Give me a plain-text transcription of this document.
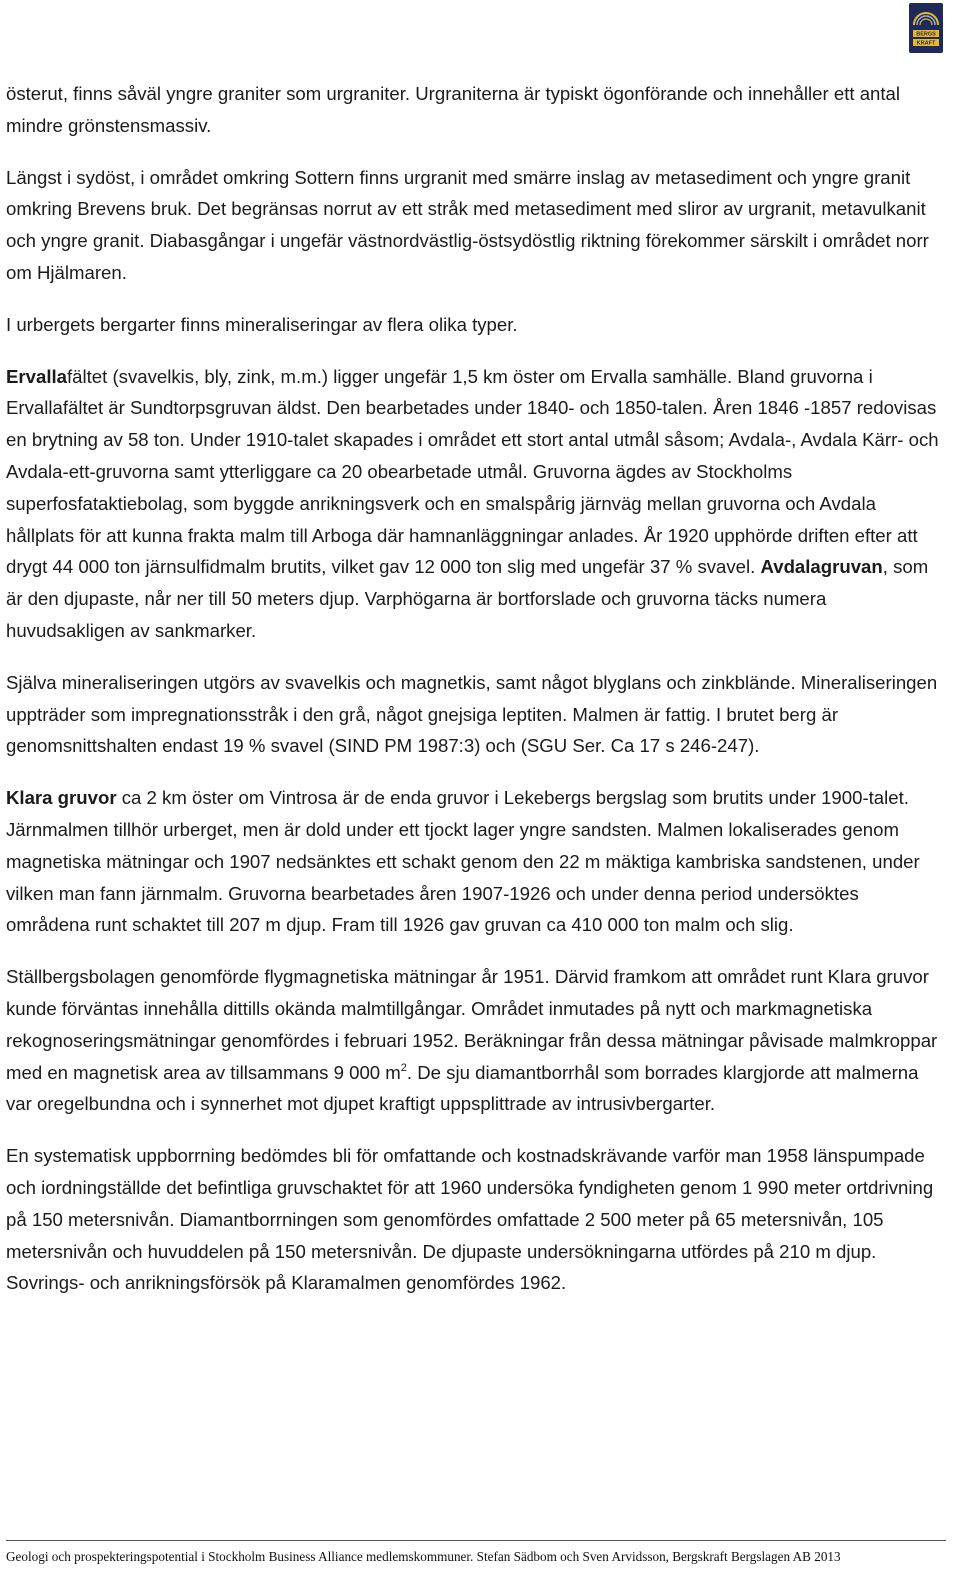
BERGS
KRAFT

österut, finns såväl yngre graniter som urgraniter. Urgraniterna är typiskt ögonförande och innehåller ett antal mindre grönstensmassiv.

Längst i sydöst, i området omkring Sottern finns urgranit med smärre inslag av metasediment och yngre granit omkring Brevens bruk. Det begränsas norrut av ett stråk med metasediment med sliror av urgranit, metavulkanit och yngre granit. Diabasgångar i ungefär västnordvästlig-östsydöstlig riktning förekommer särskilt i området norr om Hjälmaren.

I urbergets bergarter finns mineraliseringar av flera olika typer.

Ervallafältet (svavelkis, bly, zink, m.m.) ligger ungefär 1,5 km öster om Ervalla samhälle. Bland gruvorna i Ervallafältet är Sundtorpsgruvan äldst. Den bearbetades under 1840- och 1850-talen. Åren 1846 -1857 redovisas en brytning av 58 ton. Under 1910-talet skapades i området ett stort antal utmål såsom; Avdala-, Avdala Kärr- och Avdala-ett-gruvorna samt ytterliggare ca 20 obearbetade utmål. Gruvorna ägdes av Stockholms superfosfataktiebolag, som byggde anrikningsverk och en smalspårig järnväg mellan gruvorna och Avdala hållplats för att kunna frakta malm till Arboga där hamnanläggningar anlades. År 1920 upphörde driften efter att drygt 44 000 ton järnsulfidmalm brutits, vilket gav 12 000 ton slig med ungefär 37 % svavel. Avdalagruvan, som är den djupaste, når ner till 50 meters djup. Varphögarna är bortforslade och gruvorna täcks numera huvudsakligen av sankmarker.

Själva mineraliseringen utgörs av svavelkis och magnetkis, samt något blyglans och zinkblände. Mineraliseringen uppträder som impregnationsstråk i den grå, något gnejsiga leptiten. Malmen är fattig. I brutet berg är genomsnittshalten endast 19 % svavel (SIND PM 1987:3) och (SGU Ser. Ca 17 s 246-247).

Klara gruvor ca 2 km öster om Vintrosa är de enda gruvor i Lekebergs bergslag som brutits under 1900-talet. Järnmalmen tillhör urberget, men är dold under ett tjockt lager yngre sandsten. Malmen lokaliserades genom magnetiska mätningar och 1907 nedsänktes ett schakt genom den 22 m mäktiga kambriska sandstenen, under vilken man fann järnmalm. Gruvorna bearbetades åren 1907-1926 och under denna period undersöktes områdena runt schaktet till 207 m djup. Fram till 1926 gav gruvan ca 410 000 ton malm och slig.

Ställbergsbolagen genomförde flygmagnetiska mätningar år 1951. Därvid framkom att området runt Klara gruvor kunde förväntas innehålla dittills okända malmtillgångar. Området inmutades på nytt och markmagnetiska rekognoseringsmätningar genomfördes i februari 1952. Beräkningar från dessa mätningar påvisade malmkroppar med en magnetisk area av tillsammans 9 000 $m^2$. De sju diamantborrhål som borrades klargjorde att malmerna var oregelbundna och i synnerhet mot djupet kraftigt uppsplittrade av intrusivbergarter.

En systematisk uppborrning bedömdes bli för omfattande och kostnadskrävande varför man 1958 länspumpade och iordningställde det befintliga gruvschaktet för att 1960 undersöka fyndigheten genom 1 990 meter ortdrivning på 150 metersnivån. Diamantborrningen som genomfördes omfattade 2 500 meter på 65 metersnivån, 105 metersnivån och huvuddelen på 150 metersnivån. De djupaste undersökningarna utfördes på 210 m djup. Sovrings- och anrikningsförsök på Klaramalmen genomfördes 1962.

Geologi och prospekteringspotential i Stockholm Business Alliance medlemskommuner. Stefan Sädbom och Sven Arvidsson, Bergskraft Bergslagen AB 2013
